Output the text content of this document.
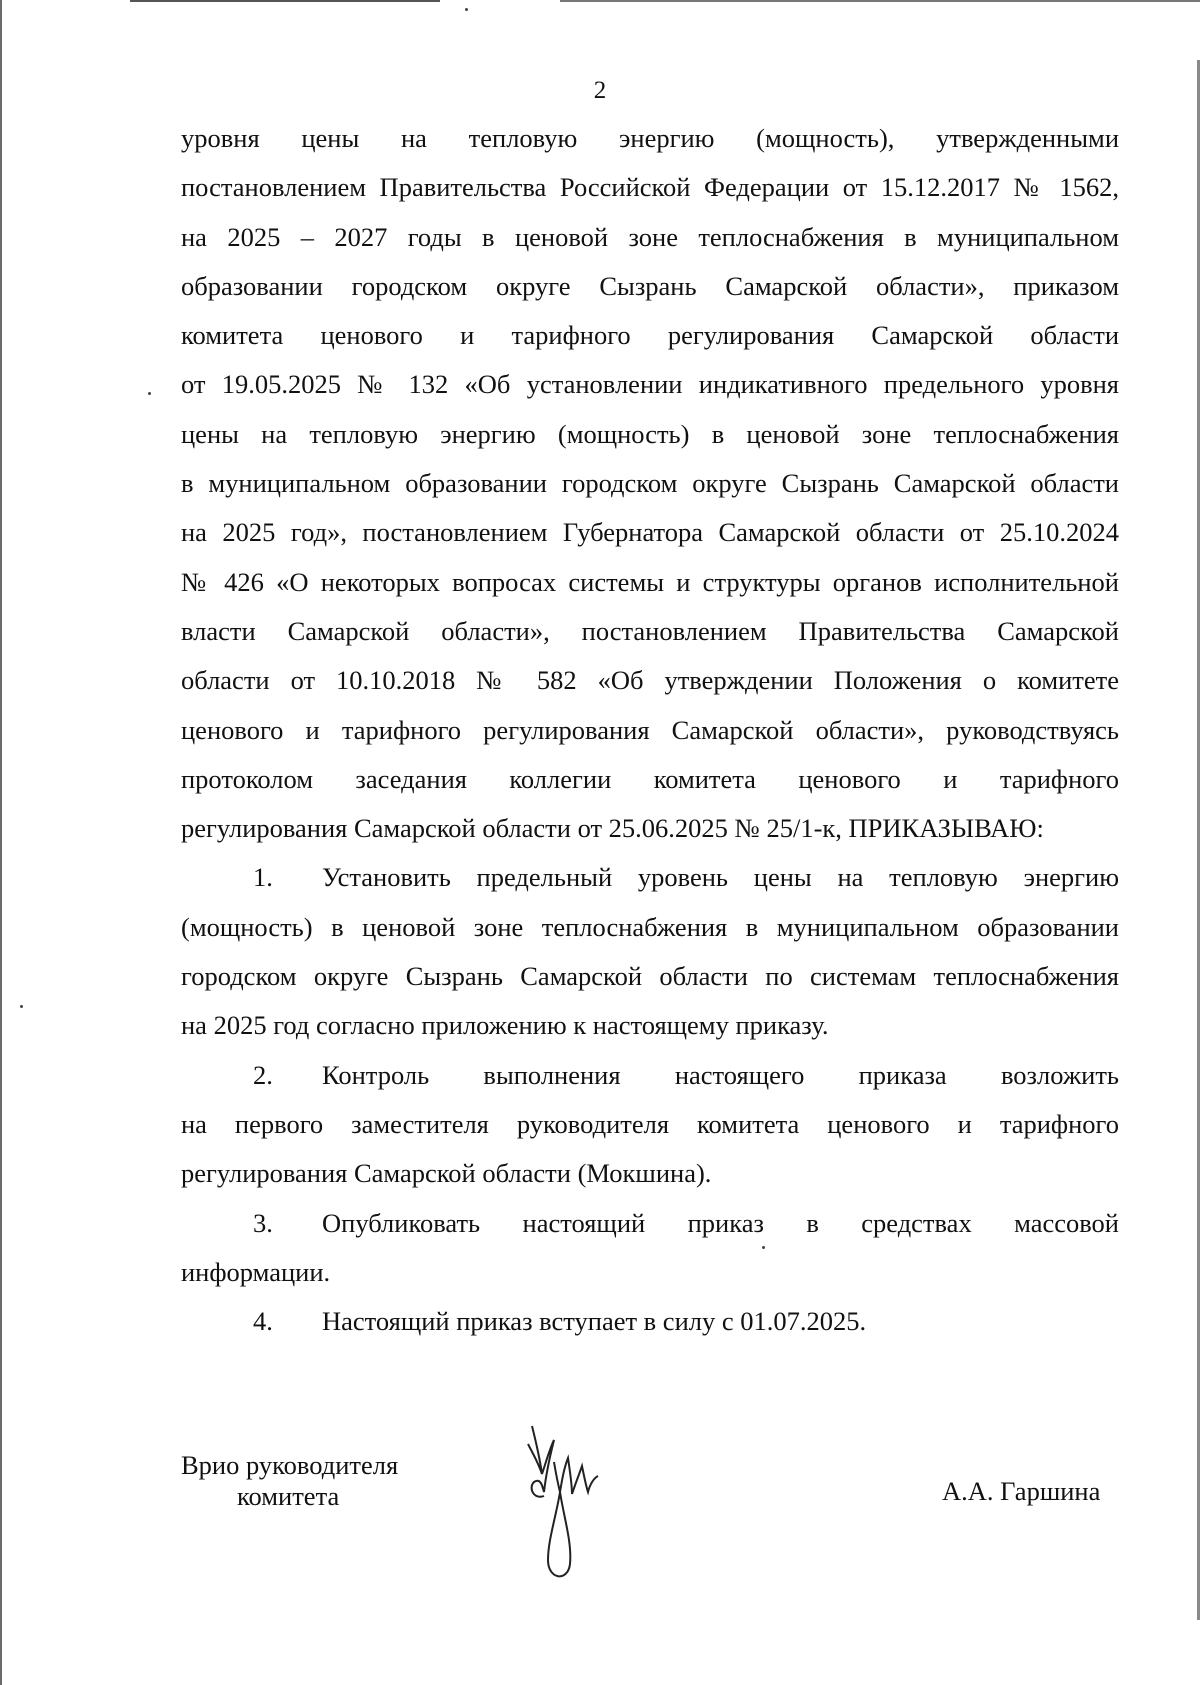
2
уровня цены на тепловую энергию (мощность), утвержденными
постановлением Правительства Российской Федерации от 15.12.2017 № 1562,
на 2025 – 2027 годы в ценовой зоне теплоснабжения в муниципальном
образовании городском округе Сызрань Самарской области», приказом
комитета ценового и тарифного регулирования Самарской области
от 19.05.2025 № 132 «Об установлении индикативного предельного уровня
цены на тепловую энергию (мощность) в ценовой зоне теплоснабжения
в муниципальном образовании городском округе Сызрань Самарской области
на 2025 год», постановлением Губернатора Самарской области от 25.10.2024
№ 426 «О некоторых вопросах системы и структуры органов исполнительной
власти Самарской области», постановлением Правительства Самарской
области от 10.10.2018 № 582 «Об утверждении Положения о комитете
ценового и тарифного регулирования Самарской области», руководствуясь
протоколом заседания коллегии комитета ценового и тарифного
регулирования Самарской области от 25.06.2025 № 25/1-к, ПРИКАЗЫВАЮ:
1.	Установить предельный уровень цены на тепловую энергию
(мощность) в ценовой зоне теплоснабжения в муниципальном образовании
городском округе Сызрань Самарской области по системам теплоснабжения
на 2025 год согласно приложению к настоящему приказу.
2.	Контроль выполнения настоящего приказа возложить
на первого заместителя руководителя комитета ценового и тарифного
регулирования Самарской области (Мокшина).
3.	Опубликовать настоящий приказ в средствах массовой
информации.
4.	Настоящий приказ вступает в силу с 01.07.2025.
Врио руководителя
комитета	А.А. Гаршина
